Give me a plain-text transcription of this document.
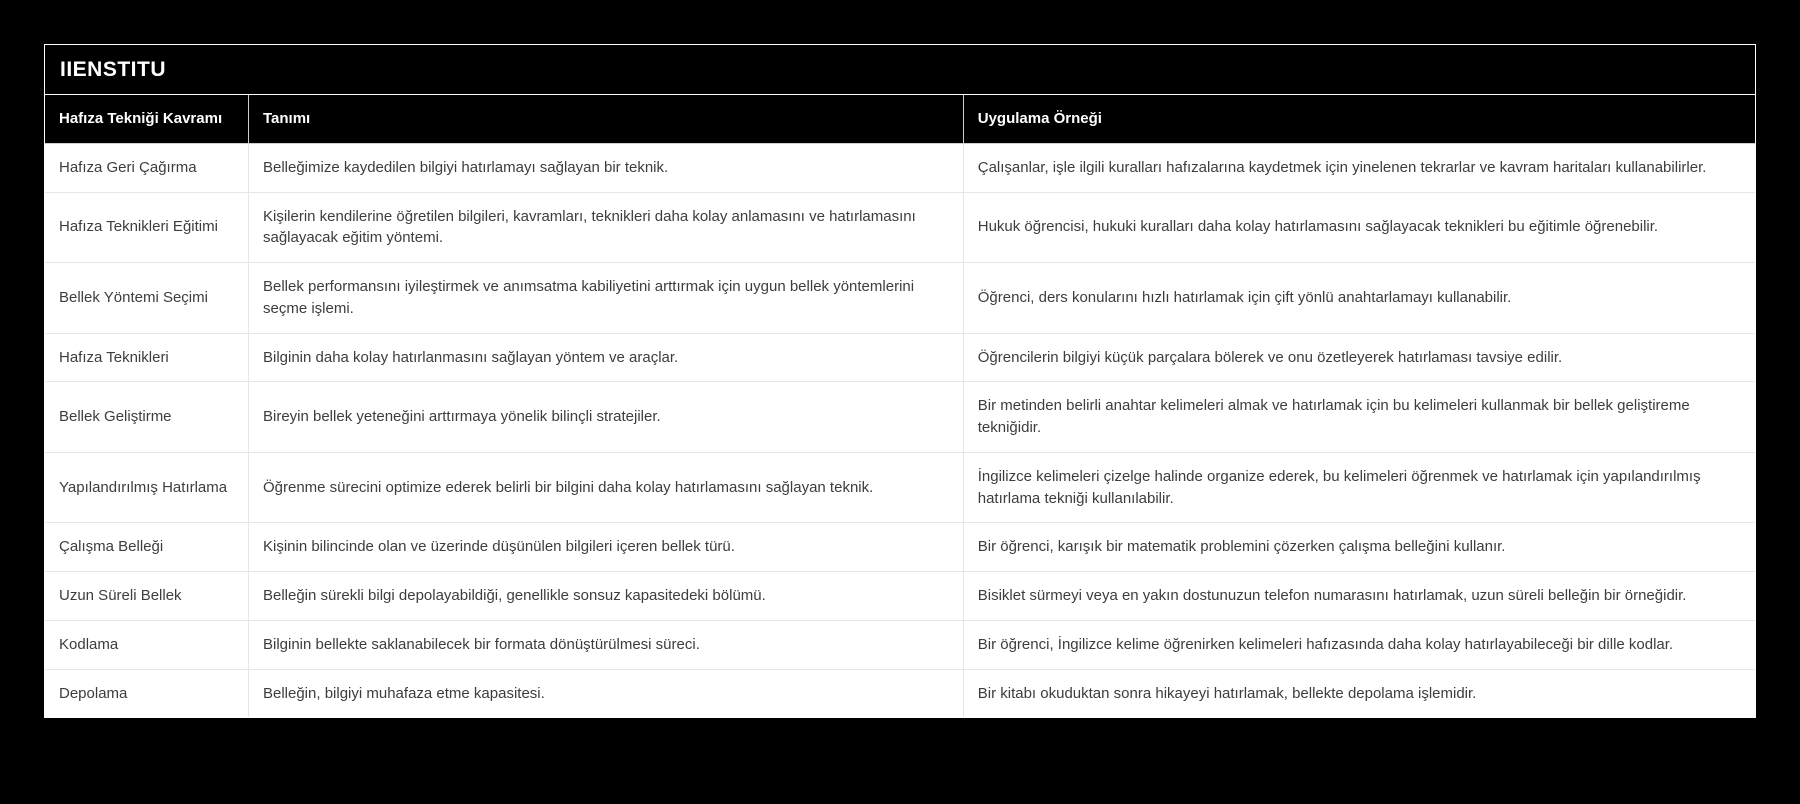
IIENSTITU
Hafıza Tekniği Kavramı	Tanımı	Uygulama Örneği
Hafıza Geri Çağırma	Belleğimize kaydedilen bilgiyi hatırlamayı sağlayan bir teknik.	Çalışanlar, işle ilgili kuralları hafızalarına kaydetmek için yinelenen tekrarlar ve kavram haritaları kullanabilirler.
Hafıza Teknikleri Eğitimi	Kişilerin kendilerine öğretilen bilgileri, kavramları, teknikleri daha kolay anlamasını ve hatırlamasını sağlayacak eğitim yöntemi.	Hukuk öğrencisi, hukuki kuralları daha kolay hatırlamasını sağlayacak teknikleri bu eğitimle öğrenebilir.
Bellek Yöntemi Seçimi	Bellek performansını iyileştirmek ve anımsatma kabiliyetini arttırmak için uygun bellek yöntemlerini seçme işlemi.	Öğrenci, ders konularını hızlı hatırlamak için çift yönlü anahtarlamayı kullanabilir.
Hafıza Teknikleri	Bilginin daha kolay hatırlanmasını sağlayan yöntem ve araçlar.	Öğrencilerin bilgiyi küçük parçalara bölerek ve onu özetleyerek hatırlaması tavsiye edilir.
Bellek Geliştirme	Bireyin bellek yeteneğini arttırmaya yönelik bilinçli stratejiler.	Bir metinden belirli anahtar kelimeleri almak ve hatırlamak için bu kelimeleri kullanmak bir bellek geliştireme tekniğidir.
Yapılandırılmış Hatırlama	Öğrenme sürecini optimize ederek belirli bir bilgini daha kolay hatırlamasını sağlayan teknik.	İngilizce kelimeleri çizelge halinde organize ederek, bu kelimeleri öğrenmek ve hatırlamak için yapılandırılmış hatırlama tekniği kullanılabilir.
Çalışma Belleği	Kişinin bilincinde olan ve üzerinde düşünülen bilgileri içeren bellek türü.	Bir öğrenci, karışık bir matematik problemini çözerken çalışma belleğini kullanır.
Uzun Süreli Bellek	Belleğin sürekli bilgi depolayabildiği, genellikle sonsuz kapasitedeki bölümü.	Bisiklet sürmeyi veya en yakın dostunuzun telefon numarasını hatırlamak, uzun süreli belleğin bir örneğidir.
Kodlama	Bilginin bellekte saklanabilecek bir formata dönüştürülmesi süreci.	Bir öğrenci, İngilizce kelime öğrenirken kelimeleri hafızasında daha kolay hatırlayabileceği bir dille kodlar.
Depolama	Belleğin, bilgiyi muhafaza etme kapasitesi.	Bir kitabı okuduktan sonra hikayeyi hatırlamak, bellekte depolama işlemidir.
